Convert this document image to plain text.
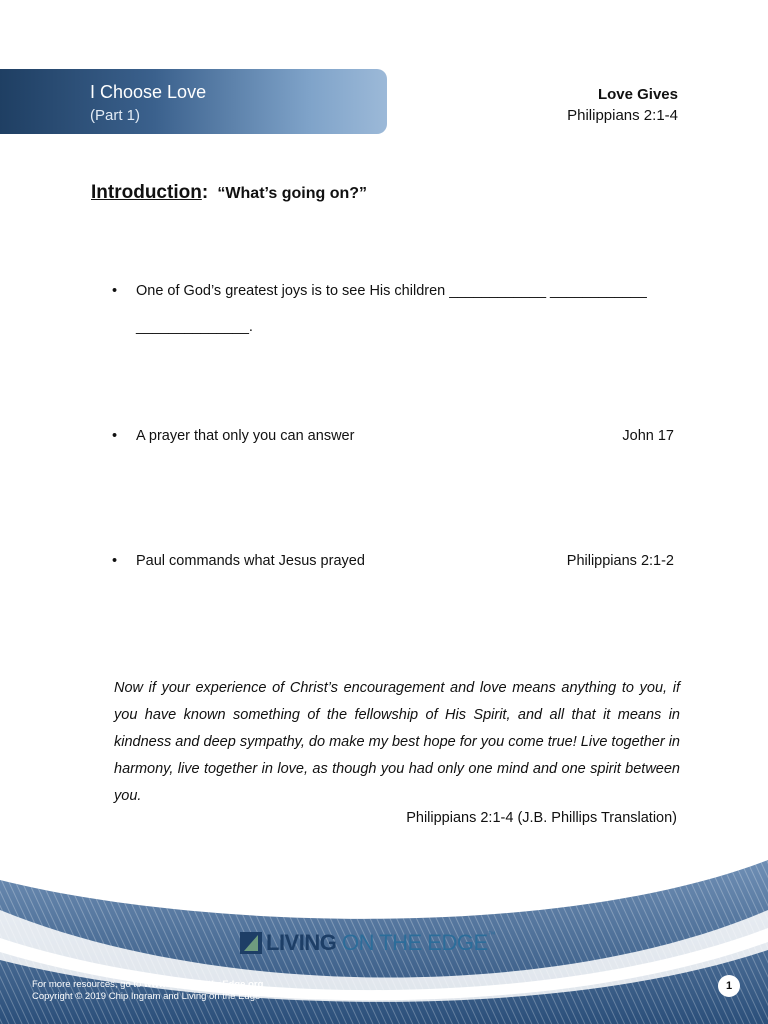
I Choose Love
(Part 1)
Love Gives
Philippians 2:1-4
Introduction: “What’s going on?”
• One of God’s greatest joys is to see His children ____________ ____________
______________.
• A prayer that only you can answer	John 17
• Paul commands what Jesus prayed	Philippians 2:1-2
Now if your experience of Christ’s encouragement and love means anything to you, if you have known something of the fellowship of His Spirit, and all that it means in kindness and deep sympathy, do make my best hope for you come true! Live together in harmony, live together in love, as though you had only one mind and one spirit between you.
Philippians 2:1-4 (J.B. Phillips Translation)
LIVING ON THE EDGE™
For more resources, go to www.LivingontheEdge.org
Copyright © 2019 Chip Ingram and Living on the Edge
1
